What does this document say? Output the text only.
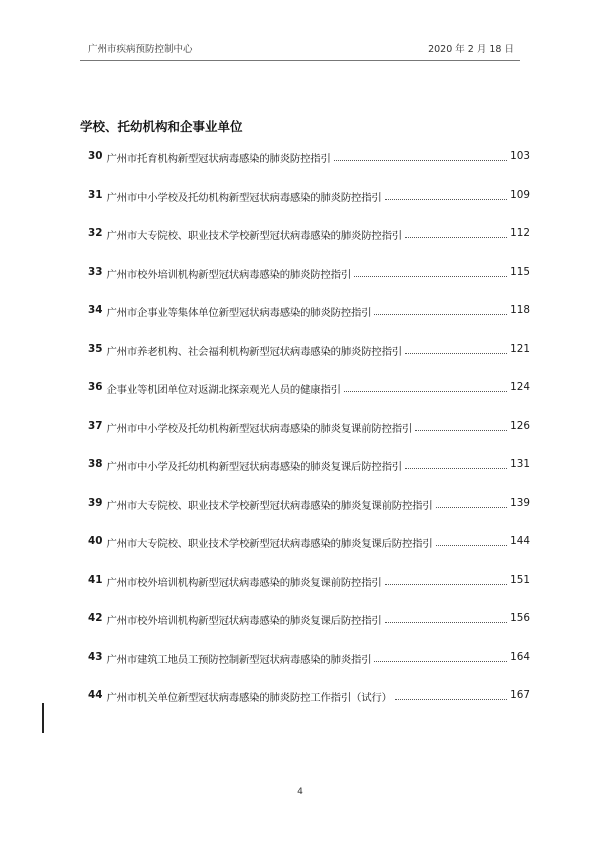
广州市疾病预防控制中心	2020 年 2 月 18 日
学校、托幼机构和企事业单位
30 广州市托育机构新型冠状病毒感染的肺炎防控指引	103
31 广州市中小学校及托幼机构新型冠状病毒感染的肺炎防控指引	109
32 广州市大专院校、职业技术学校新型冠状病毒感染的肺炎防控指引	112
33 广州市校外培训机构新型冠状病毒感染的肺炎防控指引	115
34 广州市企事业等集体单位新型冠状病毒感染的肺炎防控指引	118
35 广州市养老机构、社会福利机构新型冠状病毒感染的肺炎防控指引	121
36 企事业等机团单位对返湖北探亲观光人员的健康指引	124
37 广州市中小学校及托幼机构新型冠状病毒感染的肺炎复课前防控指引	126
38 广州市中小学及托幼机构新型冠状病毒感染的肺炎复课后防控指引	131
39 广州市大专院校、职业技术学校新型冠状病毒感染的肺炎复课前防控指引	139
40 广州市大专院校、职业技术学校新型冠状病毒感染的肺炎复课后防控指引	144
41 广州市校外培训机构新型冠状病毒感染的肺炎复课前防控指引	151
42 广州市校外培训机构新型冠状病毒感染的肺炎复课后防控指引	156
43 广州市建筑工地员工预防控制新型冠状病毒感染的肺炎指引	164
44 广州市机关单位新型冠状病毒感染的肺炎防控工作指引（试行）	167
4
